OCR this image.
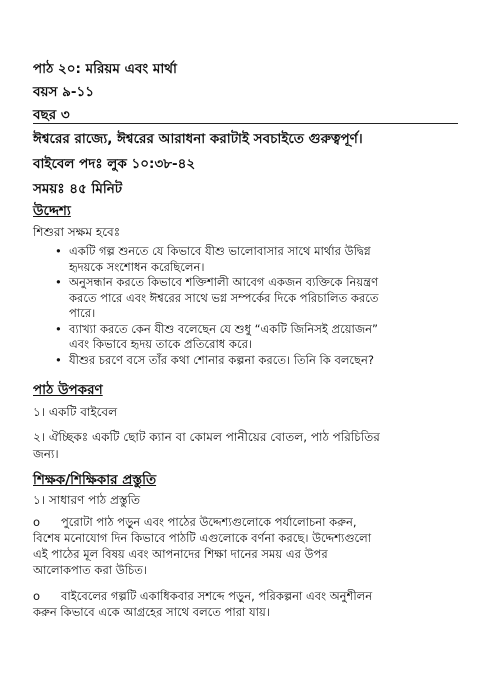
পাঠ ২০: মরিয়ম এবং মার্থা
বয়স ৯-১১
বছর ৩
ঈশ্বরের রাজ্যে, ঈশ্বরের আরাধনা করাটাই সবচাইতে গুরুত্বপূর্ণ।
বাইবেল পদঃ লুক ১০:৩৮-৪২
সময়ঃ ৪৫ মিনিট
উদ্দেশ্য
শিশুরা সক্ষম হবেঃ
• একটি গল্প শুনতে যে কিভাবে যীশু ভালোবাসার সাথে মার্থার উদ্বিগ্ন
হৃদয়কে সংশোধন করেছিলেন।
• অনুসন্ধান করতে কিভাবে শক্তিশালী আবেগ একজন ব্যক্তিকে নিয়ন্ত্রণ
করতে পারে এবং ঈশ্বরের সাথে ভগ্ন সম্পর্কের দিকে পরিচালিত করতে
পারে।
• ব্যাখ্যা করতে কেন যীশু বলেছেন যে শুধু “একটি জিনিসই প্রয়োজন”
এবং কিভাবে হৃদয় তাকে প্রতিরোধ করে।
• যীশুর চরণে বসে তাঁর কথা শোনার কল্পনা করতে। তিনি কি বলছেন?
পাঠ উপকরণ
১। একটি বাইবেল
২। ঐচ্ছিকঃ একটি ছোট ক্যান বা কোমল পানীয়ের বোতল, পাঠ পরিচিতির
জন্য।
শিক্ষক/শিক্ষিকার প্রস্তুতি
১। সাধারণ পাঠ প্রস্তুতি
o পুরোটা পাঠ পড়ুন এবং পাঠের উদ্দেশ্যগুলোকে পর্যালোচনা করুন,
বিশেষ মনোযোগ দিন কিভাবে পাঠটি এগুলোকে বর্ণনা করছে। উদ্দেশ্যগুলো
এই পাঠের মূল বিষয় এবং আপনাদের শিক্ষা দানের সময় এর উপর
আলোকপাত করা উচিত।
o বাইবেলের গল্পটি একাধিকবার সশব্দে পড়ুন, পরিকল্পনা এবং অনুশীলন
করুন কিভাবে একে আগ্রহের সাথে বলতে পারা যায়।
